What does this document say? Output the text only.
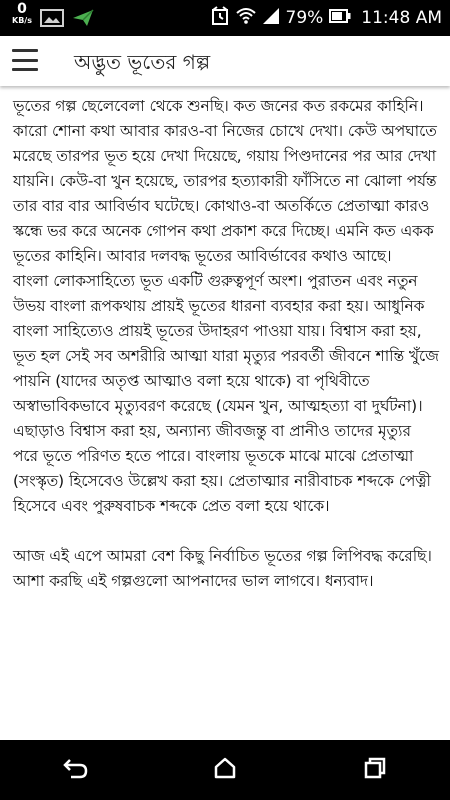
0
KB/s	79% 11:48 AM
অদ্ভুত ভূতের গল্প

ভূতের গল্প ছেলেবেলা থেকে শুনছি। কত জনের কত রকমের কাহিনি। কারো শোনা কথা আবার কারও-বা নিজের চোখে দেখা। কেউ অপঘাতে মরেছে তারপর ভূত হয়ে দেখা দিয়েছে, গয়ায় পিণ্ডদানের পর আর দেখা যায়নি। কেউ-বা খুন হয়েছে, তারপর হত্যাকারী ফাঁসিতে না ঝোলা পর্যন্ত তার বার বার আবির্ভাব ঘটেছে। কোথাও-বা অতর্কিতে প্রেতাত্মা কারও স্কন্ধে ভর করে অনেক গোপন কথা প্রকাশ করে দিচ্ছে। এমনি কত একক ভূতের কাহিনি। আবার দলবদ্ধ ভূতের আবির্ভাবের কথাও আছে।

বাংলা লোকসাহিত্যে ভূত একটি গুরুত্বপূর্ণ অংশ। পুরাতন এবং নতুন উভয় বাংলা রূপকথায় প্রায়ই ভূতের ধারনা ব্যবহার করা হয়। আধুনিক বাংলা সাহিত্যেও প্রায়ই ভূতের উদাহরণ পাওয়া যায়। বিশ্বাস করা হয়, ভূত হল সেই সব অশরীরি আত্মা যারা মৃত্যুর পরবর্তী জীবনে শান্তি খুঁজে পায়নি (যাদের অতৃপ্ত আত্মাও বলা হয়ে থাকে) বা পৃথিবীতে অস্বাভাবিকভাবে মৃত্যুবরণ করেছে (যেমন খুন, আত্মহত্যা বা দুর্ঘটনা)। এছাড়াও বিশ্বাস করা হয়, অন্যান্য জীবজন্তু বা প্রানীও তাদের মৃত্যুর পরে ভূতে পরিণত হতে পারে। বাংলায় ভূতকে মাঝে মাঝে প্রেতাত্মা (সংস্কৃত) হিসেবেও উল্লেখ করা হয়। প্রেতাত্মার নারীবাচক শব্দকে পেত্নী হিসেবে এবং পুরুষবাচক শব্দকে প্রেত বলা হয়ে থাকে।

আজ এই এপে আমরা বেশ কিছু নির্বাচিত ভূতের গল্প লিপিবদ্ধ করেছি। আশা করছি এই গল্পগুলো আপনাদের ভাল লাগবে। ধন্যবাদ।
